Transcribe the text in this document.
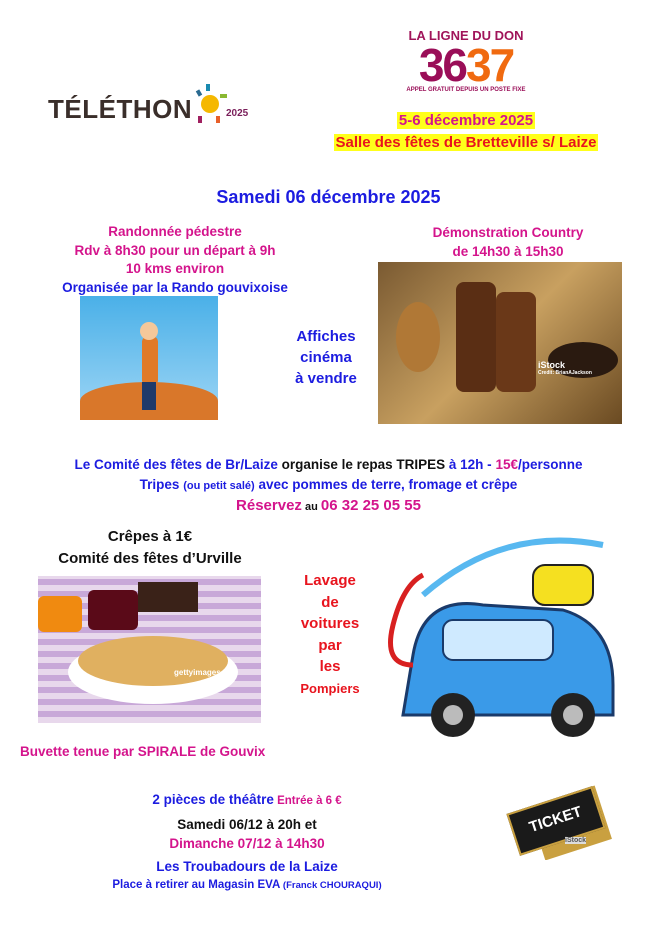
TÉLÉTHON	2025
LA LIGNE DU DON
3637
APPEL GRATUIT DEPUIS UN POSTE FIXE
5-6 décembre 2025
Salle des fêtes de Bretteville s/ Laize
Samedi 06 décembre 2025
Randonnée pédestre
Rdv à 8h30 pour un départ à 9h
10 kms environ
Organisée par la Rando gouvixoise
Démonstration Country
de 14h30 à 15h30
iStock
Credit: BrianAJackson
Affiches
cinéma
à vendre
Le Comité des fêtes de Br/Laize organise le repas TRIPES à 12h - 15€/personne
Tripes (ou petit salé) avec pommes de terre, fromage et crêpe
Réservez au 06 32 25 05 55
Crêpes à 1€
Comité des fêtes d’Urville
gettyimages
Lavage
de
voitures
par
les
Pompiers
Buvette tenue par SPIRALE de Gouvix
2 pièces de théâtre Entrée à 6 €
Samedi 06/12 à 20h et
Dimanche 07/12 à 14h30
Les Troubadours de la Laize
Place à retirer au Magasin EVA (Franck CHOURAQUI)
TICKET
iStock
